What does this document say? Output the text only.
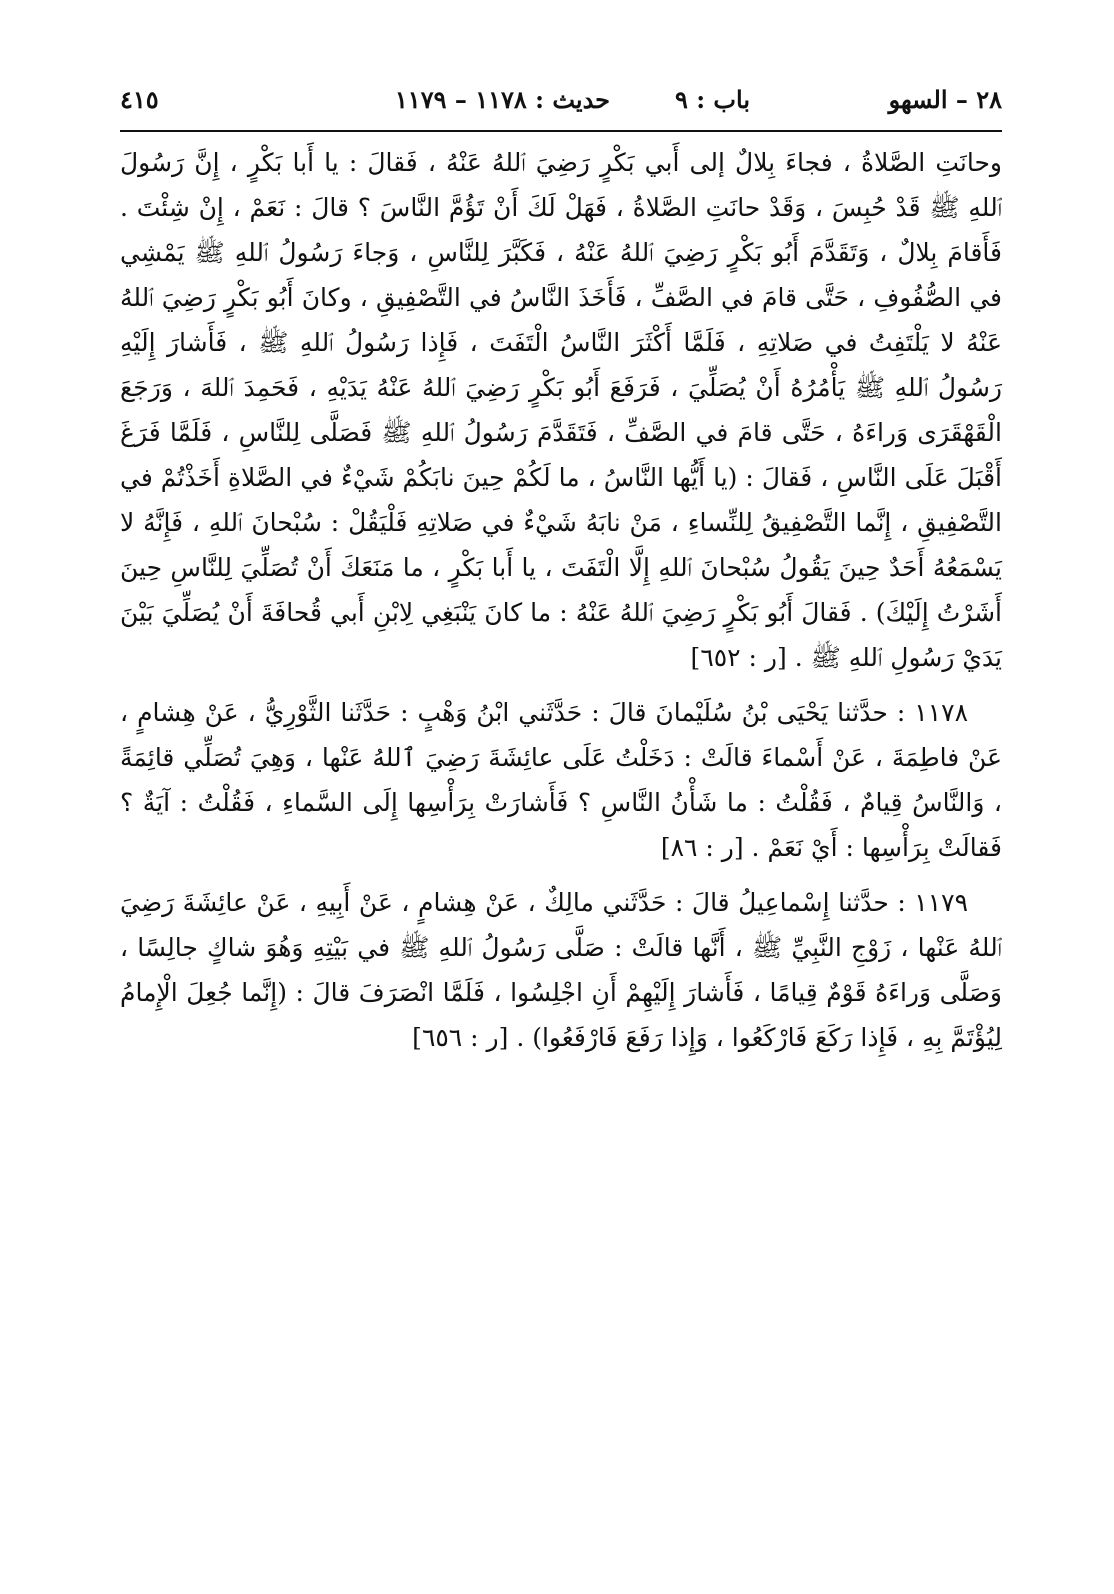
٢٨ – السهو
باب : ٩
حديث : ١١٧٨ – ١١٧٩
٤١٥

وحانَتِ الصَّلاةُ ، فجاءَ بِلالٌ إلى أَبي بَكْرٍ رَضِيَ ٱللهُ عَنْهُ ، فَقالَ : يا أَبا بَكْرٍ ، إِنَّ رَسُولَ ٱللهِ ﷺ قَدْ حُبِسَ ، وَقَدْ حانَتِ الصَّلاةُ ، فَهَلْ لَكَ أَنْ تَؤُمَّ النَّاسَ ؟ قالَ : نَعَمْ ، إِنْ شِئْتَ . فَأَقامَ بِلالٌ ، وَتَقَدَّمَ أَبُو بَكْرٍ رَضِيَ ٱللهُ عَنْهُ ، فَكَبَّرَ لِلنَّاسِ ، وَجاءَ رَسُولُ ٱللهِ ﷺ يَمْشِي في الصُّفُوفِ ، حَتَّى قامَ في الصَّفِّ ، فَأَخَذَ النَّاسُ في التَّصْفِيقِ ، وكانَ أَبُو بَكْرٍ رَضِيَ ٱللهُ عَنْهُ لا يَلْتَفِتُ في صَلاتِهِ ، فَلَمَّا أَكْثَرَ النَّاسُ الْتَفَتَ ، فَإِذا رَسُولُ ٱللهِ ﷺ ، فَأَشارَ إِلَيْهِ رَسُولُ ٱللهِ ﷺ يَأْمُرُهُ أَنْ يُصَلِّيَ ، فَرَفَعَ أَبُو بَكْرٍ رَضِيَ ٱللهُ عَنْهُ يَدَيْهِ ، فَحَمِدَ ٱللهَ ، وَرَجَعَ الْقَهْقَرَى وَراءَهُ ، حَتَّى قامَ في الصَّفِّ ، فَتَقَدَّمَ رَسُولُ ٱللهِ ﷺ فَصَلَّى لِلنَّاسِ ، فَلَمَّا فَرَغَ أَقْبَلَ عَلَى النَّاسِ ، فَقالَ : (يا أَيُّها النَّاسُ ، ما لَكُمْ حِينَ نابَكُمْ شَيْءٌ في الصَّلاةِ أَخَذْتُمْ في التَّصْفِيقِ ، إِنَّما التَّصْفِيقُ لِلنِّساءِ ، مَنْ نابَهُ شَيْءٌ في صَلاتِهِ فَلْيَقُلْ : سُبْحانَ ٱللهِ ، فَإِنَّهُ لا يَسْمَعُهُ أَحَدٌ حِينَ يَقُولُ سُبْحانَ ٱللهِ إِلَّا الْتَفَتَ ، يا أَبا بَكْرٍ ، ما مَنَعَكَ أَنْ تُصَلِّيَ لِلنَّاسِ حِينَ أَشَرْتُ إِلَيْكَ) . فَقالَ أَبُو بَكْرٍ رَضِيَ ٱللهُ عَنْهُ : ما كانَ يَنْبَغِي لِابْنِ أَبي قُحافَةَ أَنْ يُصَلِّيَ بَيْنَ يَدَيْ رَسُولِ ٱللهِ ﷺ . [ر : ٦٥٢]

١١٧٨ : حدَّثنا يَحْيَى بْنُ سُلَيْمانَ قالَ : حَدَّثَني ابْنُ وَهْبٍ : حَدَّثَنا الثَّوْرِيُّ ، عَنْ هِشامٍ ، عَنْ فاطِمَةَ ، عَنْ أَسْماءَ قالَتْ : دَخَلْتُ عَلَى عائِشَةَ رَضِيَ ٱللهُ عَنْها ، وَهِيَ تُصَلِّي قائِمَةً ، وَالنَّاسُ قِيامٌ ، فَقُلْتُ : ما شَأْنُ النَّاسِ ؟ فَأَشارَتْ بِرَأْسِها إِلَى السَّماءِ ، فَقُلْتُ : آيَةٌ ؟ فَقالَتْ بِرَأْسِها : أَيْ نَعَمْ . [ر : ٨٦]

١١٧٩ : حدَّثنا إِسْماعِيلُ قالَ : حَدَّثَني مالِكٌ ، عَنْ هِشامٍ ، عَنْ أَبِيهِ ، عَنْ عائِشَةَ رَضِيَ ٱللهُ عَنْها ، زَوْجِ النَّبِيِّ ﷺ ، أَنَّها قالَتْ : صَلَّى رَسُولُ ٱللهِ ﷺ في بَيْتِهِ وَهُوَ شاكٍ جالِسًا ، وَصَلَّى وَراءَهُ قَوْمٌ قِيامًا ، فَأَشارَ إِلَيْهِمْ أَنِ اجْلِسُوا ، فَلَمَّا انْصَرَفَ قالَ : (إِنَّما جُعِلَ الْإِمامُ لِيُؤْتَمَّ بِهِ ، فَإِذا رَكَعَ فَارْكَعُوا ، وَإِذا رَفَعَ فَارْفَعُوا) . [ر : ٦٥٦]
